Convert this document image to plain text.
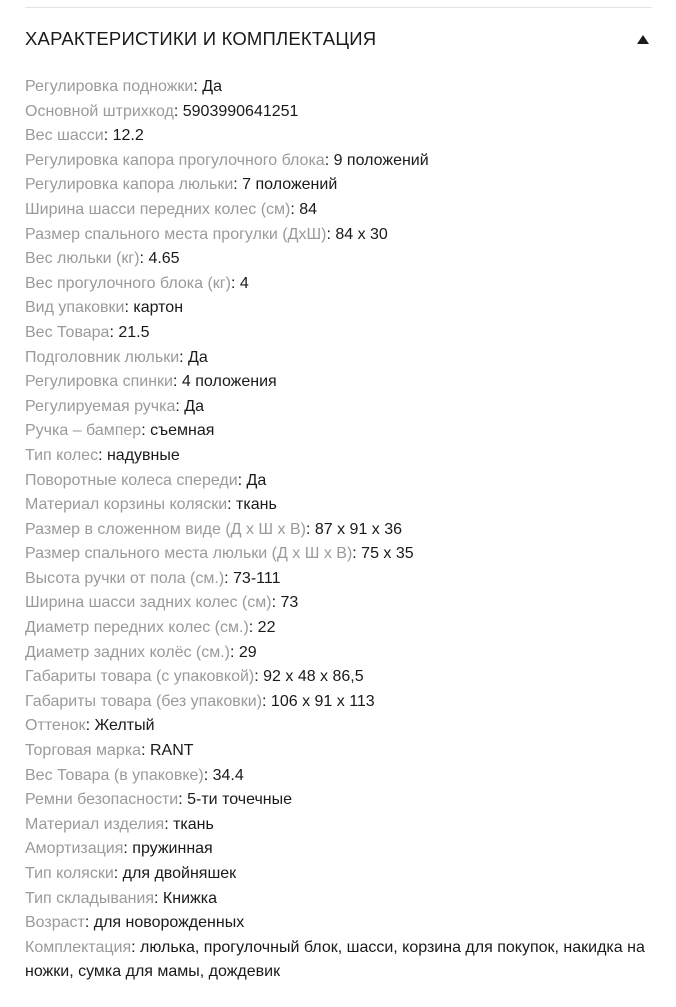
ХАРАКТЕРИСТИКИ И КОМПЛЕКТАЦИЯ
Регулировка подножки: Да
Основной штрихкод: 5903990641251
Вес шасси: 12.2
Регулировка капора прогулочного блока: 9 положений
Регулировка капора люльки: 7 положений
Ширина шасси передних колес (см): 84
Размер спального места прогулки (ДхШ): 84 х 30
Вес люльки (кг): 4.65
Вес прогулочного блока (кг): 4
Вид упаковки: картон
Вес Товара: 21.5
Подголовник люльки: Да
Регулировка спинки: 4 положения
Регулируемая ручка: Да
Ручка – бампер: съемная
Тип колес: надувные
Поворотные колеса спереди: Да
Материал корзины коляски: ткань
Размер в сложенном виде (Д х Ш х В): 87 х 91 х 36
Размер спального места люльки (Д х Ш х В): 75 х 35
Высота ручки от пола (см.): 73-111
Ширина шасси задних колес (см): 73
Диаметр передних колес (см.): 22
Диаметр задних колёс (см.): 29
Габариты товара (с упаковкой): 92 х 48 х 86,5
Габариты товара (без упаковки): 106 х 91 х 113
Оттенок: Желтый
Торговая марка: RANT
Вес Товара (в упаковке): 34.4
Ремни безопасности: 5-ти точечные
Материал изделия: ткань
Амортизация: пружинная
Тип коляски: для двойняшек
Тип складывания: Книжка
Возраст: для новорожденных
Комплектация: люлька, прогулочный блок, шасси, корзина для покупок, накидка на ножки, сумка для мамы, дождевик
